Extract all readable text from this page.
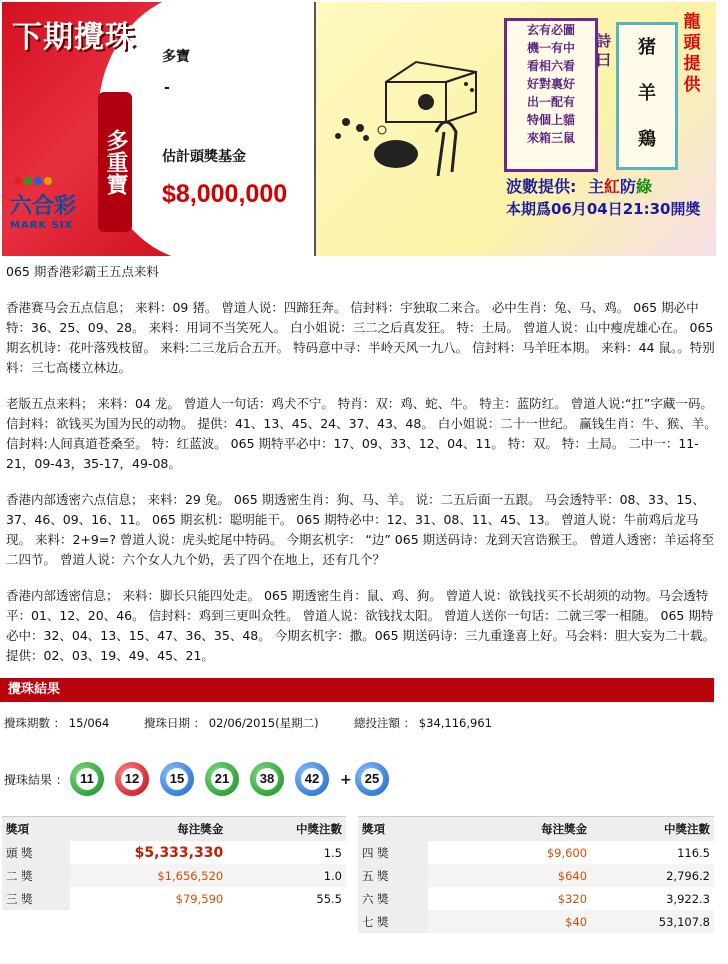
下期攪珠
多寶
-
估計頭獎基金
$8,000,000
多重寶
六合彩
MARK SIX
玄有必圖
機一有中
看相六看
好對裏好
出一配有
特個上貓
來箱三鼠
詩曰
猪
羊
鶏
龍頭提供
波數提供: 主紅防綠
本期爲06月04日21:30開奬

065 期香港彩霸王五点来料

香港赛马会五点信息； 来料：09 猪。 曾道人说：四蹄狂奔。 信封料：宇独取二来合。 必中生肖：兔、马、鸡。 065 期必中特：36、25、09、28。 来料：用词不当笑死人。 白小姐说：三二之后真发狂。 特：土局。 曾道人说：山中瘦虎雄心在。 065 期玄机诗：花叶落残枝留。 来料:二三龙后合五开。 特码意中寻：半岭天风一九八。 信封料：马羊旺本期。 来料：44 鼠。。特别料：三七高楼立林边。

老版五点来料； 来料：04 龙。 曾道人一句话：鸡犬不宁。 特肖：双：鸡、蛇、牛。 特主：蓝防红。 曾道人说:“扛”字藏一码。信封料：欲钱买为国为民的动物。 提供：41、13、45、24、37、43、48。 白小姐说：二十一世纪。 赢钱生肖：牛、猴、羊。 信封料:人间真道苍桑至。 特：红蓝波。 065 期特平必中：17、09、33、12、04、11。 特：双。 特：土局。 二中一：11-21，09-43，35-17，49-08。

香港内部透密六点信息； 来料：29 兔。 065 期透密生肖：狗、马、羊。 说：二五后面一五跟。 马会透特平：08、33、15、37、46、09、16、11。 065 期玄机：聪明能干。 065 期特必中：12、31、08、11、45、13。 曾道人说：牛前鸡后龙马现。 来料：2+9=? 曾道人说：虎头蛇尾中特码。 今期玄机字： “边” 065 期送码诗：龙到天宫诰猴王。 曾道人透密：羊运将至二四节。 曾道人说：六个女人九个奶，丢了四个在地上，还有几个？

香港内部透密信息； 来料：脚长只能四处走。 065 期透密生肖：鼠、鸡、狗。 曾道人说：欲钱找买不长胡须的动物。马会透特平：01、12、20、46。 信封料：鸡到三更叫众牲。 曾道人说：欲钱找太阳。 曾道人送你一句话：二就三零一相随。 065 期特必中：32、04、13、15、47、36、35、48。 今期玄机字：撒。065 期送码诗：三九重逢喜上好。马会料：胆大妄为二十载。 提供：02、03、19、49、45、21。

攪珠結果
攪珠期數 ： 15/064	攪珠日期 ： 02/06/2015(星期二)	總投注額 ： $34,116,961
攪珠結果 ： 11	12 15 21 38 42 + 25
獎項	每注獎金	中獎注數
頭 獎	$5,333,330	1.5
二 獎	$1,656,520	1.0
三 獎	$79,590	55.5
獎項	每注獎金	中獎注數
四 獎	$9,600	116.5
五 獎	$640	2,796.2
六 獎	$320	3,922.3
七 獎	$40	53,107.8
